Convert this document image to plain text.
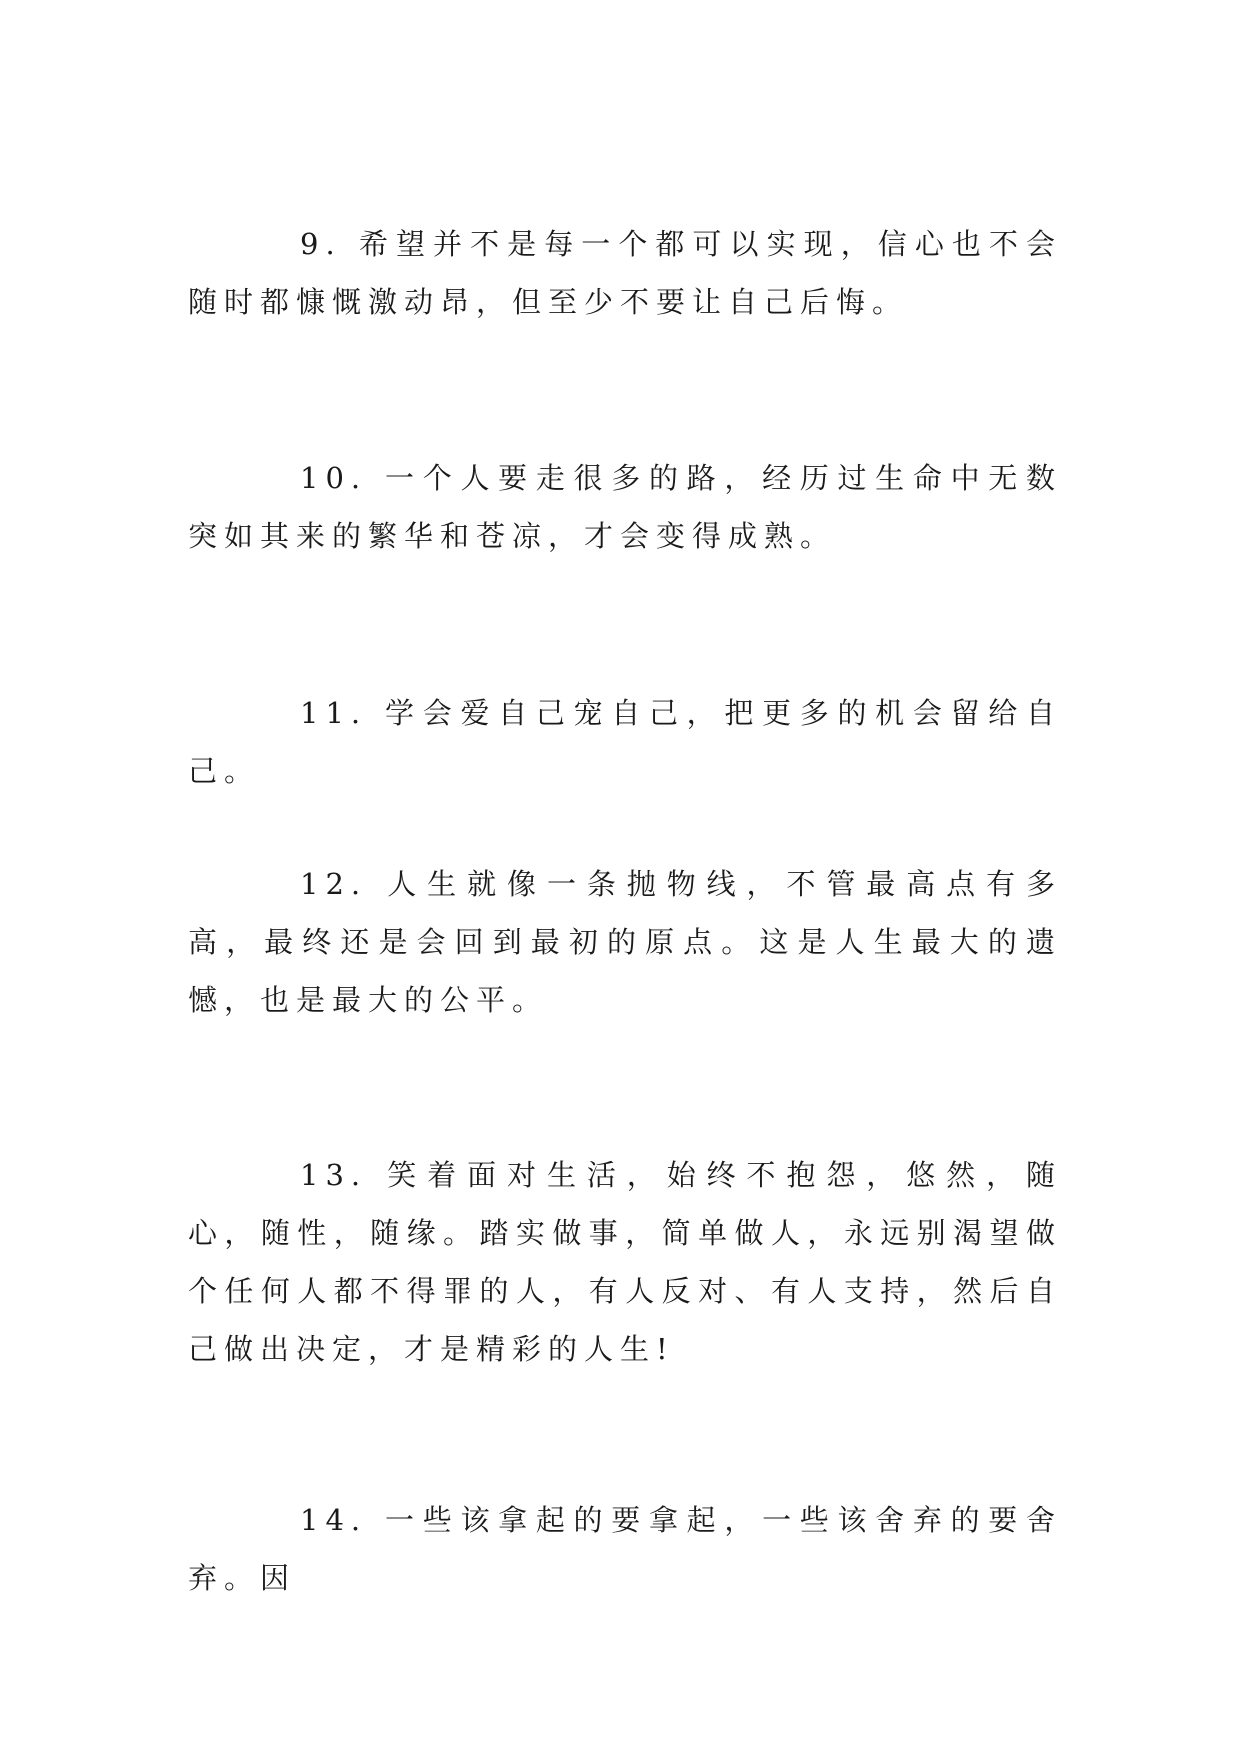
9. 希望并不是每一个都可以实现，信心也不会随时都慷慨激动昂，但至少不要让自己后悔。

10. 一个人要走很多的路，经历过生命中无数突如其来的繁华和苍凉，才会变得成熟。

11. 学会爱自己宠自己，把更多的机会留给自己。

12. 人生就像一条抛物线，不管最高点有多高，最终还是会回到最初的原点。这是人生最大的遗憾，也是最大的公平。

13. 笑着面对生活，始终不抱怨，悠然，随心，随性，随缘。踏实做事，简单做人，永远别渴望做个任何人都不得罪的人，有人反对、有人支持，然后自己做出决定，才是精彩的人生!

14. 一些该拿起的要拿起，一些该舍弃的要舍弃。因
